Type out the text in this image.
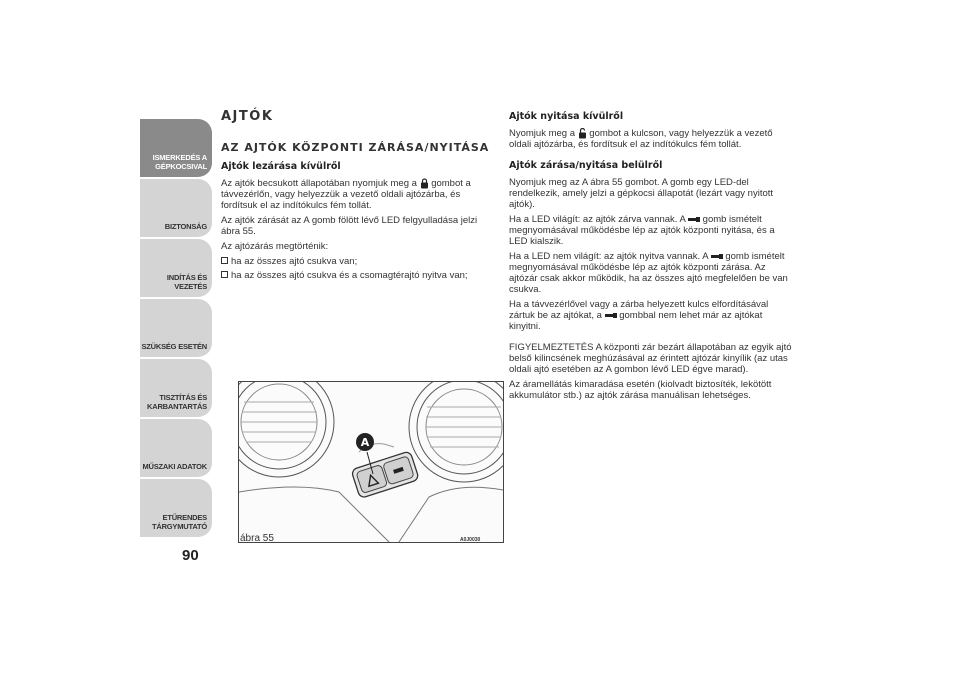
ISMERKEDÉS A
GÉPKOCSIVAL
BIZTONSÁG
INDÍTÁS ÉS VEZETÉS
SZÜKSÉG ESETÉN
TISZTÍTÁS ÉS
KARBANTARTÁS
MŰSZAKI ADATOK
ETŰRENDES
TÁRGYMUTATÓ
90
AJTÓK
AZ AJTÓK KÖZPONTI ZÁRÁSA/NYITÁSA
Ajtók lezárása kívülről

Az ajtók becsukott állapotában nyomjuk meg a gombot a távvezérlőn, vagy helyezzük a vezető oldali ajtózárba, és fordítsuk el az indítókulcs fém tollát.

Az ajtók zárását az A gomb fölött lévő LED felgyulladása jelzi ábra 55.

Az ajtózárás megtörténik:

ha az összes ajtó csukva van;
ha az összes ajtó csukva és a csomagtérajtó nyitva van;
A
ábra 55	A0J0030
Ajtók nyitása kívülről

Nyomjuk meg a gombot a kulcson, vagy helyezzük a vezető oldali ajtózárba, és fordítsuk el az indítókulcs fém tollát.

Ajtók zárása/nyitása belülről

Nyomjuk meg az A ábra 55 gombot. A gomb egy LED-del rendelkezik, amely jelzi a gépkocsi állapotát (lezárt vagy nyitott ajtók).

Ha a LED világít: az ajtók zárva vannak. A gomb ismételt megnyomásával működésbe lép az ajtók központi nyitása, és a LED kialszik.

Ha a LED nem világít: az ajtók nyitva vannak. A gomb ismételt megnyomásával működésbe lép az ajtók központi zárása. Az ajtózár csak akkor működik, ha az összes ajtó megfelelően be van csukva.

Ha a távvezérlővel vagy a zárba helyezett kulcs elfordításával zártuk be az ajtókat, a gombbal nem lehet már az ajtókat kinyitni.

FIGYELMEZTETÉS A központi zár bezárt állapotában az egyik ajtó belső kilincsének meghúzásával az érintett ajtózár kinyílik (az utas oldali ajtó esetében az A gombon lévő LED égve marad).

Az áramellátás kimaradása esetén (kiolvadt biztosíték, lekötött akkumulátor stb.) az ajtók zárása manuálisan lehetséges.
